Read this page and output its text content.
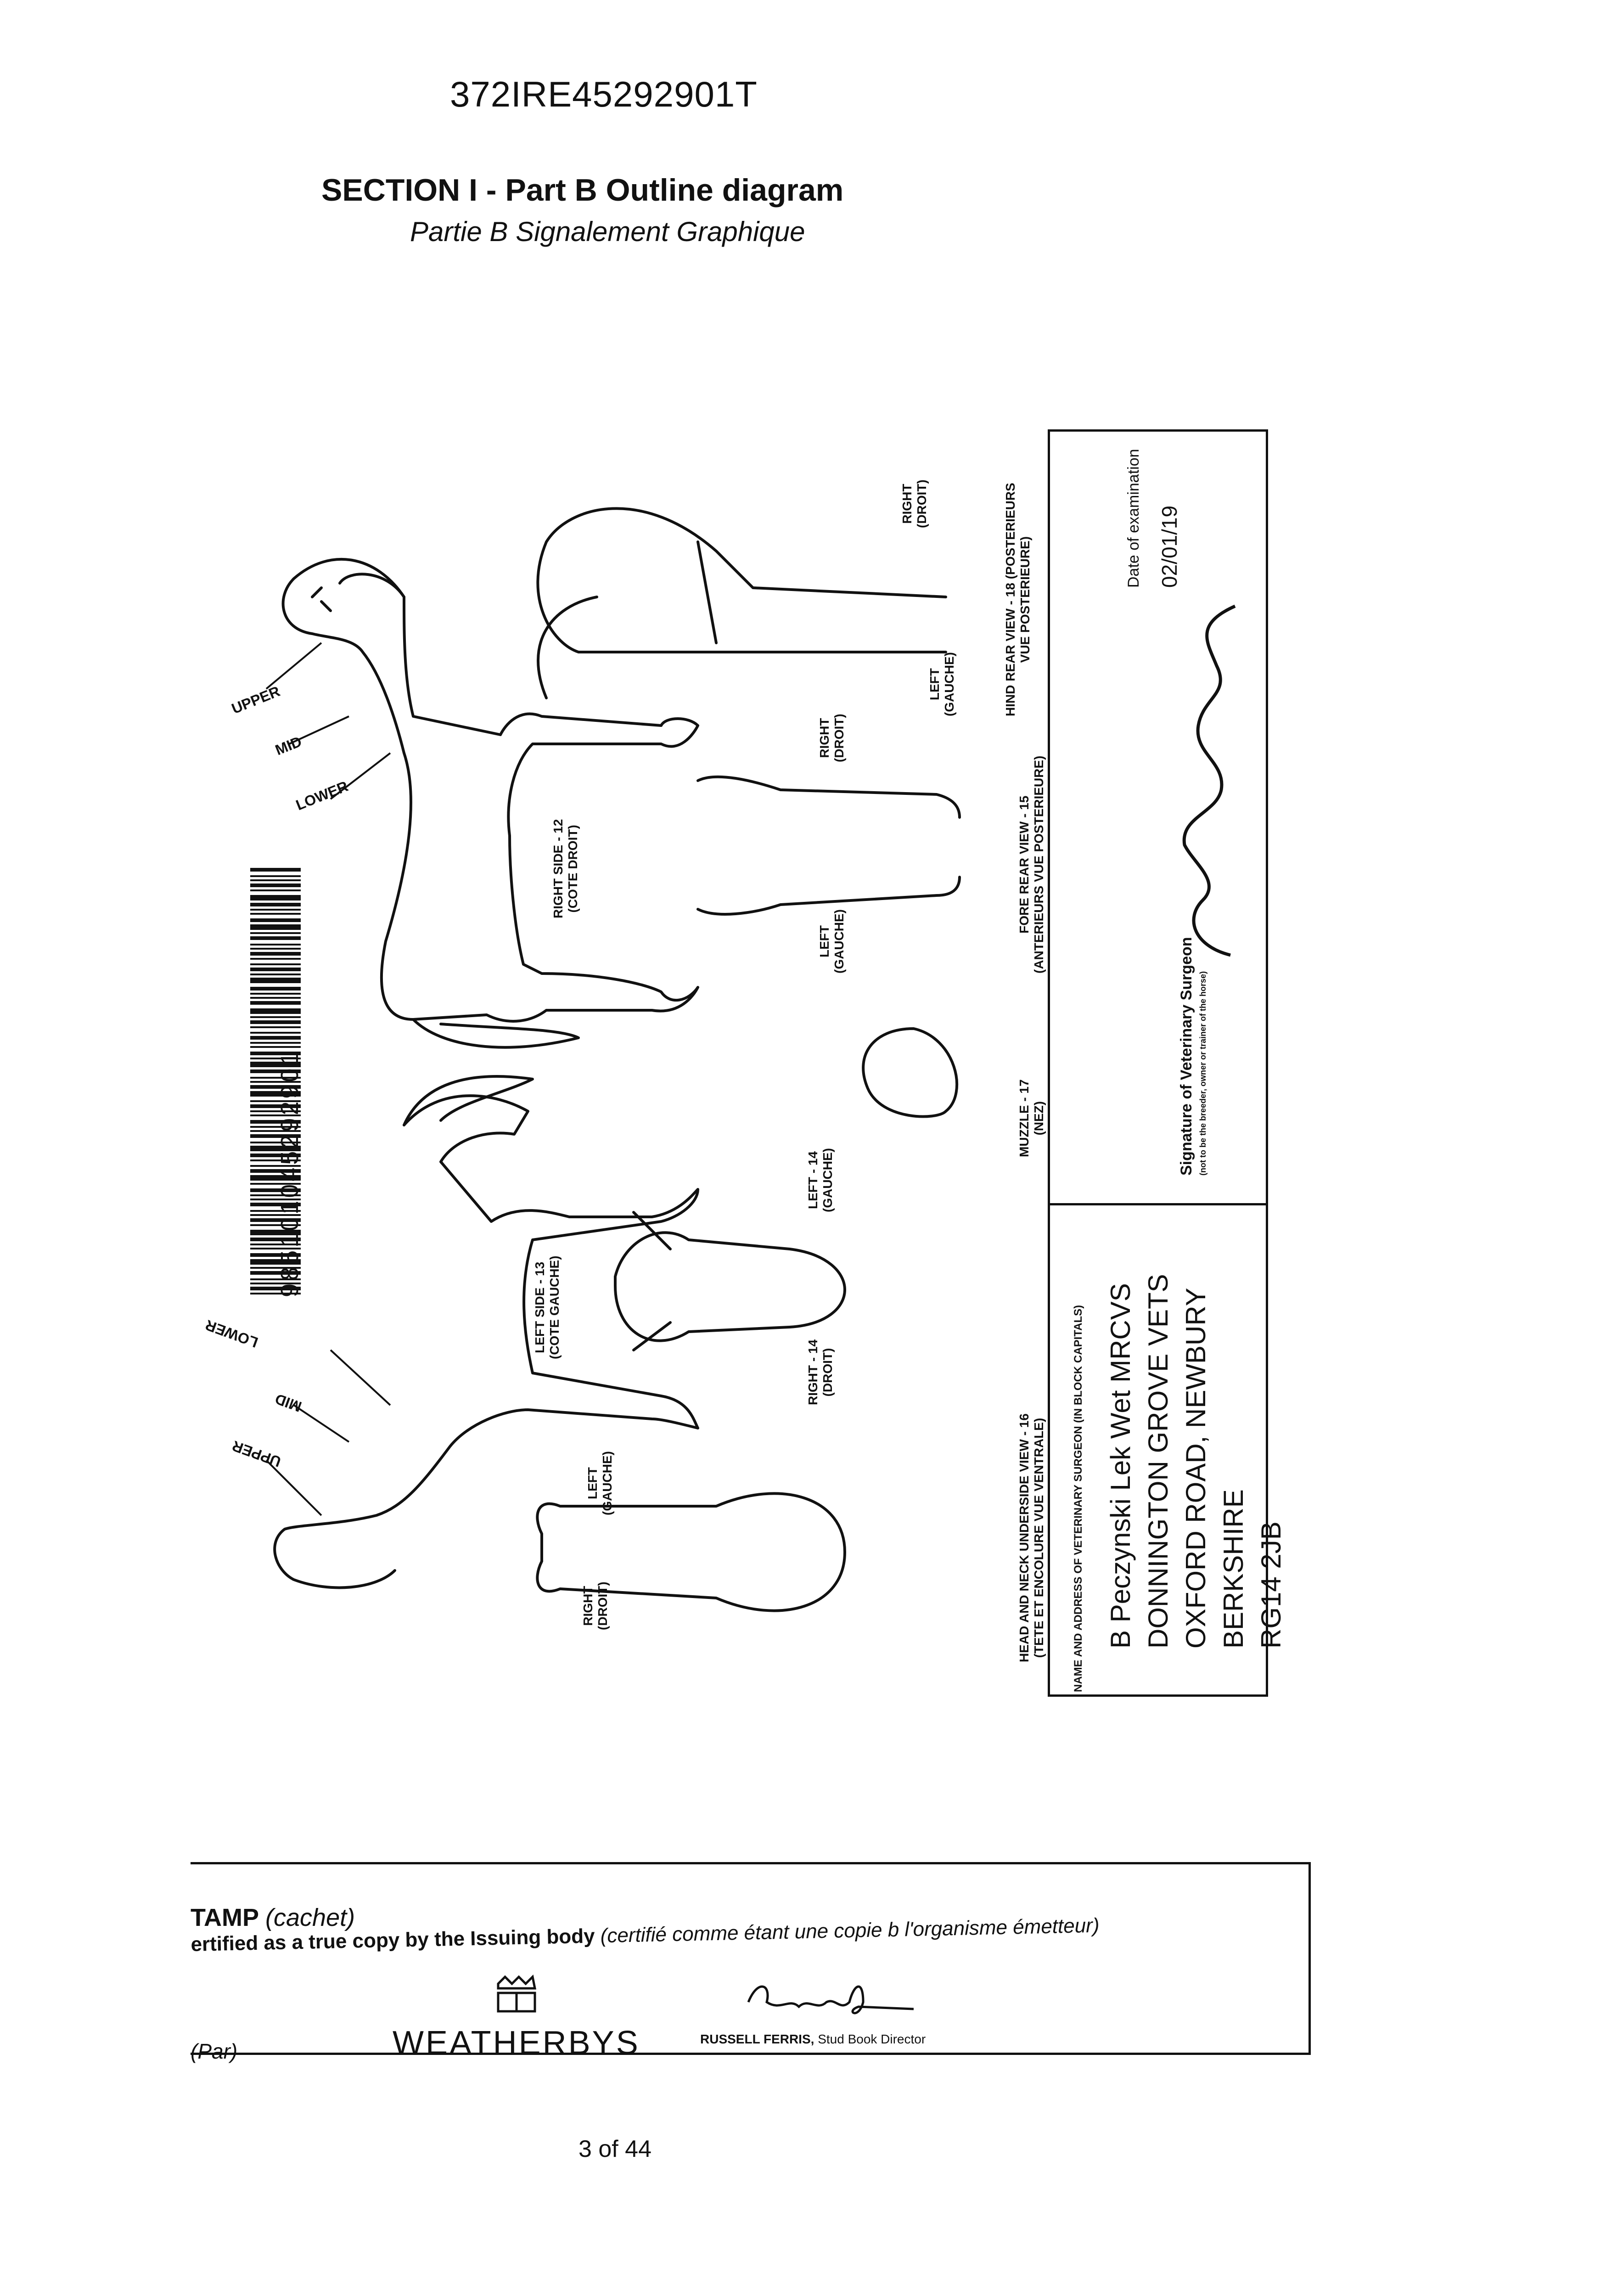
372IRE45292901T
SECTION I - Part B Outline diagram
Partie B Signalement Graphique
985101045292901
UPPER
MID
LOWER
LOWER
MID
UPPER
RIGHT SIDE - 12 (COTE DROIT)
LEFT SIDE - 13 (COTE GAUCHE)
LEFT - 14 (GAUCHE)
RIGHT - 14 (DROIT)
MUZZLE - 17 (NEZ)
FORE REAR VIEW - 15 (ANTERIEURS VUE POSTERIEURE)
HIND REAR VIEW - 18 (POSTERIEURS VUE POSTERIEURE)
HEAD AND NECK UNDERSIDE VIEW - 16 (TETE ET ENCOLURE VUE VENTRALE)
LEFT (GAUCHE)
RIGHT (DROIT)
LEFT (GAUCHE)
RIGHT (DROIT)
LEFT (GAUCHE)
RIGHT (DROIT)	NAME AND ADDRESS OF VETERINARY SURGEON (IN BLOCK CAPITALS) B Peczynski Lek Wet MRCVS DONNINGTON GROVE VETS OXFORD ROAD, NEWBURY BERKSHIRE RG14 2JB
Signature of Veterinary Surgeon (not to be the breeder, owner or trainer of the horse)
Date of examination 02/01/19
TAMP (cachet)
ertified as a true copy by the Issuing body (certifié comme étant une copie b l'organisme émetteur)
(Par)	WEATHERBYS	RUSSELL FERRIS, Stud Book Director
3 of 44
